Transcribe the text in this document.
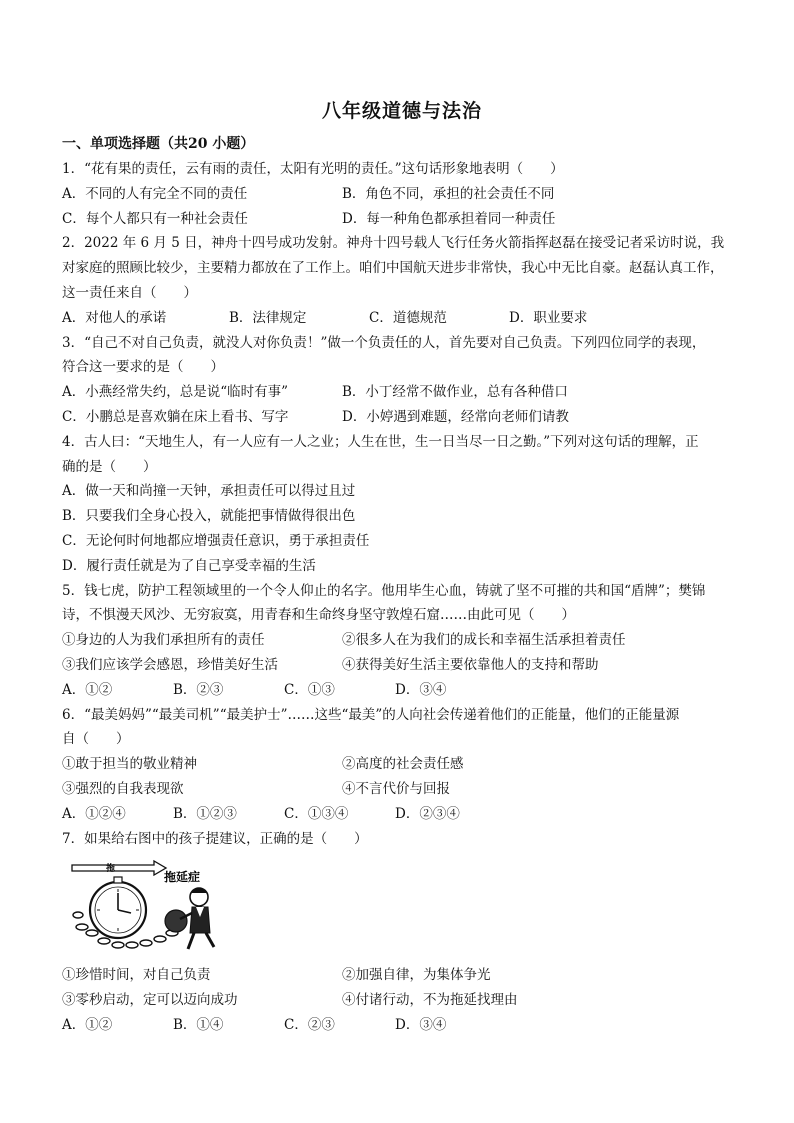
八年级道德与法治
一、单项选择题（共20 小题）

1．“花有果的责任，云有雨的责任，太阳有光明的责任。”这句话形象地表明（　　）

A．不同的人有完全不同的责任	B．角色不同，承担的社会责任不同
C．每个人都只有一种社会责任	D．每一种角色都承担着同一种责任

2．2022 年 6 月 5 日，神舟十四号成功发射。神舟十四号载人飞行任务火箭指挥赵磊在接受记者采访时说，我

对家庭的照顾比较少，主要精力都放在了工作上。咱们中国航天进步非常快，我心中无比自豪。赵磊认真工作，

这一责任来自（　　）

A．对他人的承诺	B．法律规定	C．道德规范	D．职业要求

3．“自己不对自己负责，就没人对你负责！”做一个负责任的人，首先要对自己负责。下列四位同学的表现，

符合这一要求的是（　　）

A．小燕经常失约，总是说“临时有事”	B．小丁经常不做作业，总有各种借口
C．小鹏总是喜欢躺在床上看书、写字	D．小婷遇到难题，经常向老师们请教

4．古人曰：“天地生人，有一人应有一人之业；人生在世，生一日当尽一日之勤。”下列对这句话的理解，正

确的是（　　）

A．做一天和尚撞一天钟，承担责任可以得过且过
B．只要我们全身心投入，就能把事情做得很出色
C．无论何时何地都应增强责任意识，勇于承担责任
D．履行责任就是为了自己享受幸福的生活

5．钱七虎，防护工程领域里的一个令人仰止的名字。他用毕生心血，铸就了坚不可摧的共和国“盾牌”；樊锦

诗，不惧漫天风沙、无穷寂寞，用青春和生命终身坚守敦煌石窟……由此可见（　　）

①身边的人为我们承担所有的责任	②很多人在为我们的成长和幸福生活承担着责任
③我们应该学会感恩，珍惜美好生活	④获得美好生活主要依靠他人的支持和帮助
A．①②	B．②③	C．①③	D．③④

6．“最美妈妈”“最美司机”“最美护士”……这些“最美”的人向社会传递着他们的正能量，他们的正能量源

自（　　）

①敢于担当的敬业精神	②高度的社会责任感
③强烈的自我表现欲	④不言代价与回报
A．①②④	B．①②③	C．①③④	D．②③④

7．如果给右图中的孩子提建议，正确的是（　　）

拖
拖延症
①珍惜时间，对自己负责	②加强自律，为集体争光
③零秒启动，定可以迈向成功	④付诸行动，不为拖延找理由
A．①②	B．①④	C．②③	D．③④
